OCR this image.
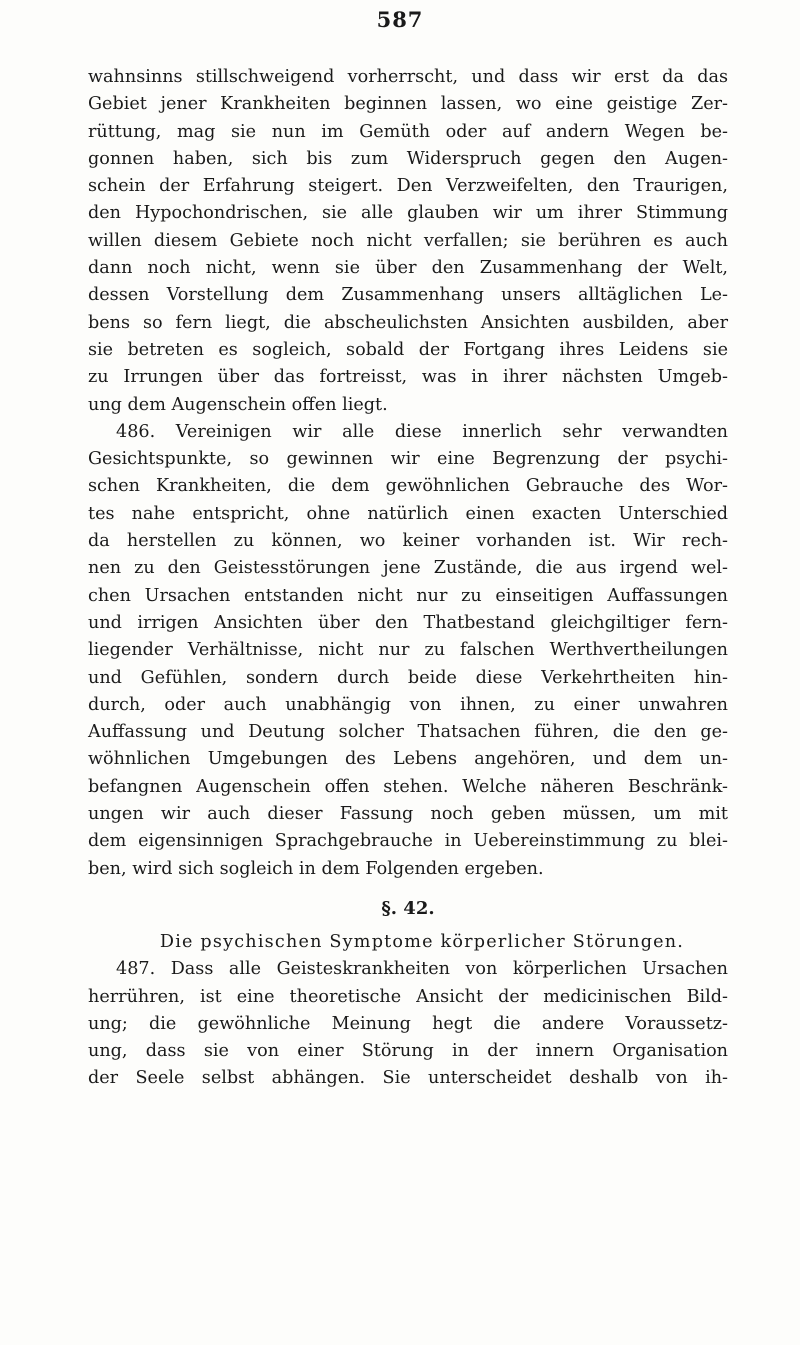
587
wahnsinns stillschweigend vorherrscht, und dass wir erst da das
Gebiet jener Krankheiten beginnen lassen, wo eine geistige Zer-
rüttung, mag sie nun im Gemüth oder auf andern Wegen be-
gonnen haben, sich bis zum Widerspruch gegen den Augen-
schein der Erfahrung steigert. Den Verzweifelten, den Traurigen,
den Hypochondrischen, sie alle glauben wir um ihrer Stimmung
willen diesem Gebiete noch nicht verfallen; sie berühren es auch
dann noch nicht, wenn sie über den Zusammenhang der Welt,
dessen Vorstellung dem Zusammenhang unsers alltäglichen Le-
bens so fern liegt, die abscheulichsten Ansichten ausbilden, aber
sie betreten es sogleich, sobald der Fortgang ihres Leidens sie
zu Irrungen über das fortreisst, was in ihrer nächsten Umgeb-
ung dem Augenschein offen liegt.
486. Vereinigen wir alle diese innerlich sehr verwandten
Gesichtspunkte, so gewinnen wir eine Begrenzung der psychi-
schen Krankheiten, die dem gewöhnlichen Gebrauche des Wor-
tes nahe entspricht, ohne natürlich einen exacten Unterschied
da herstellen zu können, wo keiner vorhanden ist. Wir rech-
nen zu den Geistesstörungen jene Zustände, die aus irgend wel-
chen Ursachen entstanden nicht nur zu einseitigen Auffassungen
und irrigen Ansichten über den Thatbestand gleichgiltiger fern-
liegender Verhältnisse, nicht nur zu falschen Werthvertheilungen
und Gefühlen, sondern durch beide diese Verkehrtheiten hin-
durch, oder auch unabhängig von ihnen, zu einer unwahren
Auffassung und Deutung solcher Thatsachen führen, die den ge-
wöhnlichen Umgebungen des Lebens angehören, und dem un-
befangnen Augenschein offen stehen. Welche näheren Beschränk-
ungen wir auch dieser Fassung noch geben müssen, um mit
dem eigensinnigen Sprachgebrauche in Uebereinstimmung zu blei-
ben, wird sich sogleich in dem Folgenden ergeben.
§. 42.
Die psychischen Symptome körperlicher Störungen.
487. Dass alle Geisteskrankheiten von körperlichen Ursachen
herrühren, ist eine theoretische Ansicht der medicinischen Bild-
ung; die gewöhnliche Meinung hegt die andere Voraussetz-
ung, dass sie von einer Störung in der innern Organisation
der Seele selbst abhängen. Sie unterscheidet deshalb von ih-
